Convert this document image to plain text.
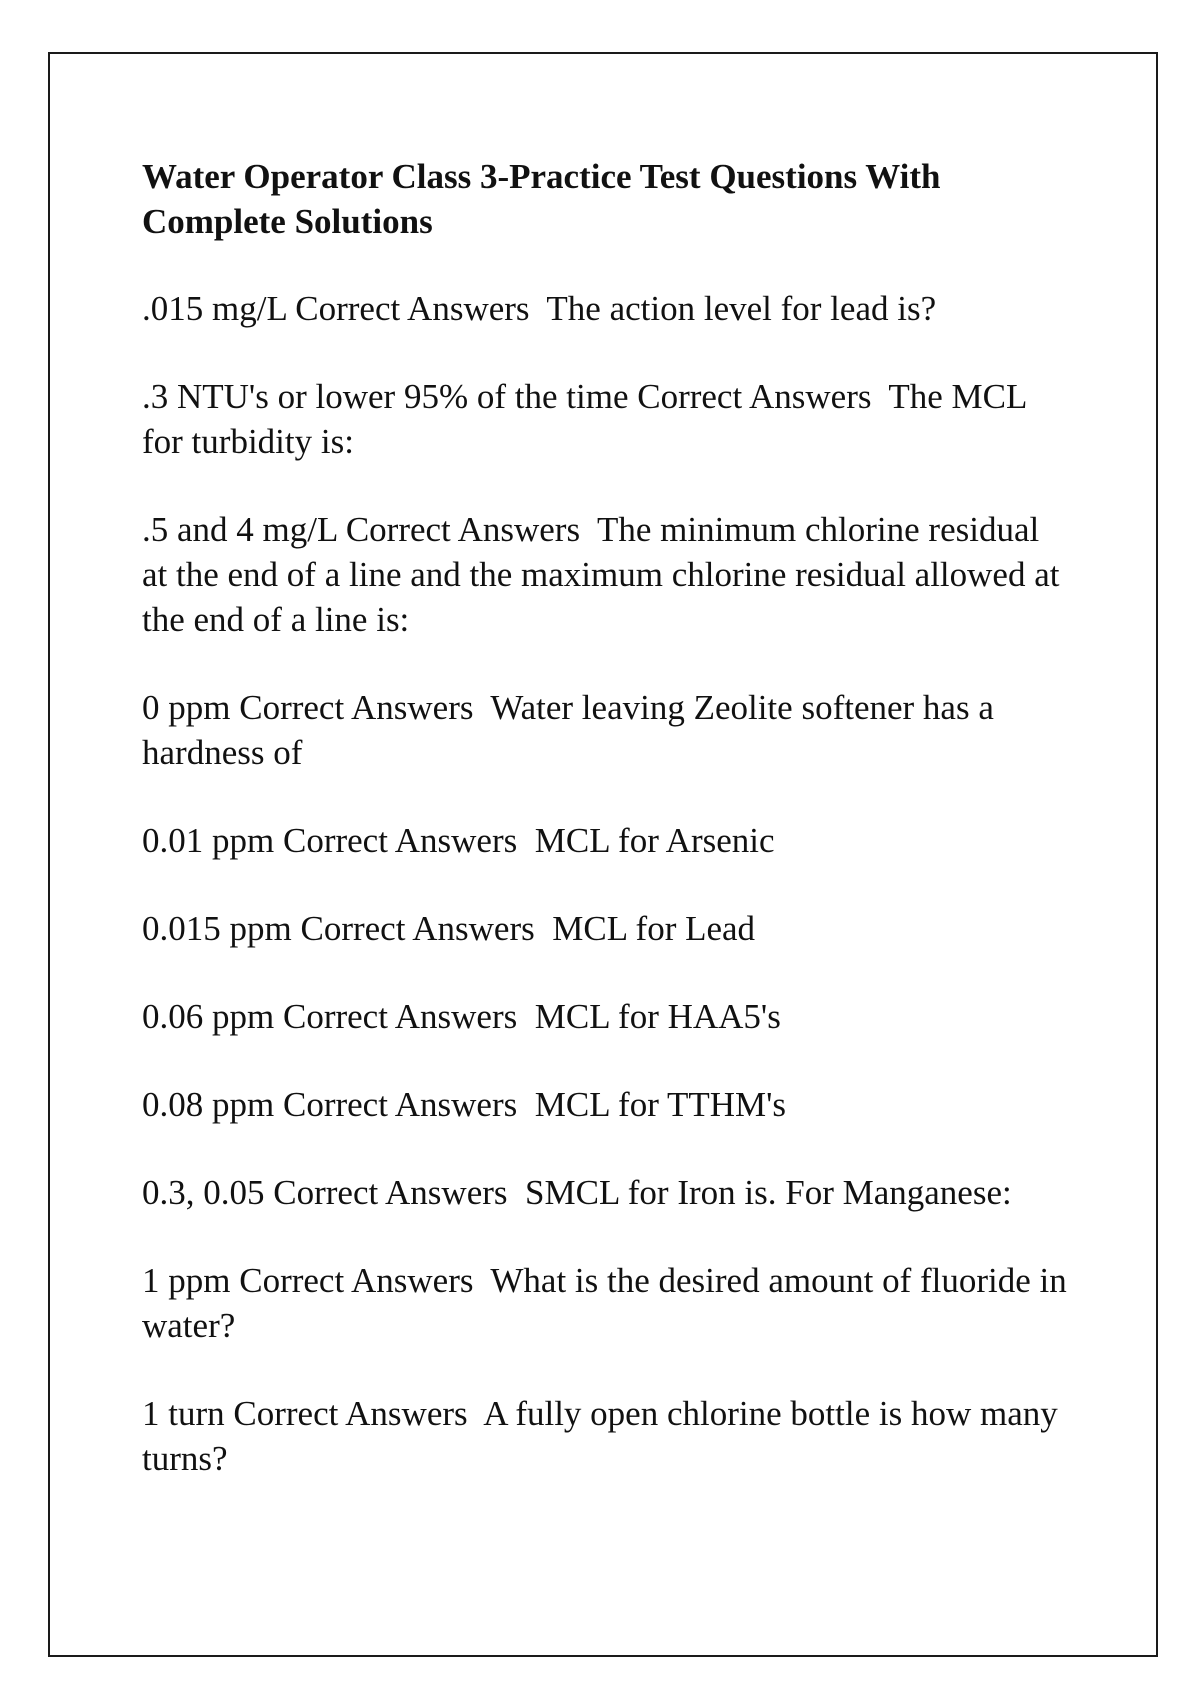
Water Operator Class 3-Practice Test Questions With Complete Solutions
.015 mg/L Correct Answers The action level for lead is?
.3 NTU's or lower 95% of the time Correct Answers The MCL for turbidity is:
.5 and 4 mg/L Correct Answers The minimum chlorine residual at the end of a line and the maximum chlorine residual allowed at the end of a line is:
0 ppm Correct Answers Water leaving Zeolite softener has a hardness of
0.01 ppm Correct Answers MCL for Arsenic
0.015 ppm Correct Answers MCL for Lead
0.06 ppm Correct Answers MCL for HAA5's
0.08 ppm Correct Answers MCL for TTHM's
0.3, 0.05 Correct Answers SMCL for Iron is. For Manganese:
1 ppm Correct Answers What is the desired amount of fluoride in water?
1 turn Correct Answers A fully open chlorine bottle is how many turns?
